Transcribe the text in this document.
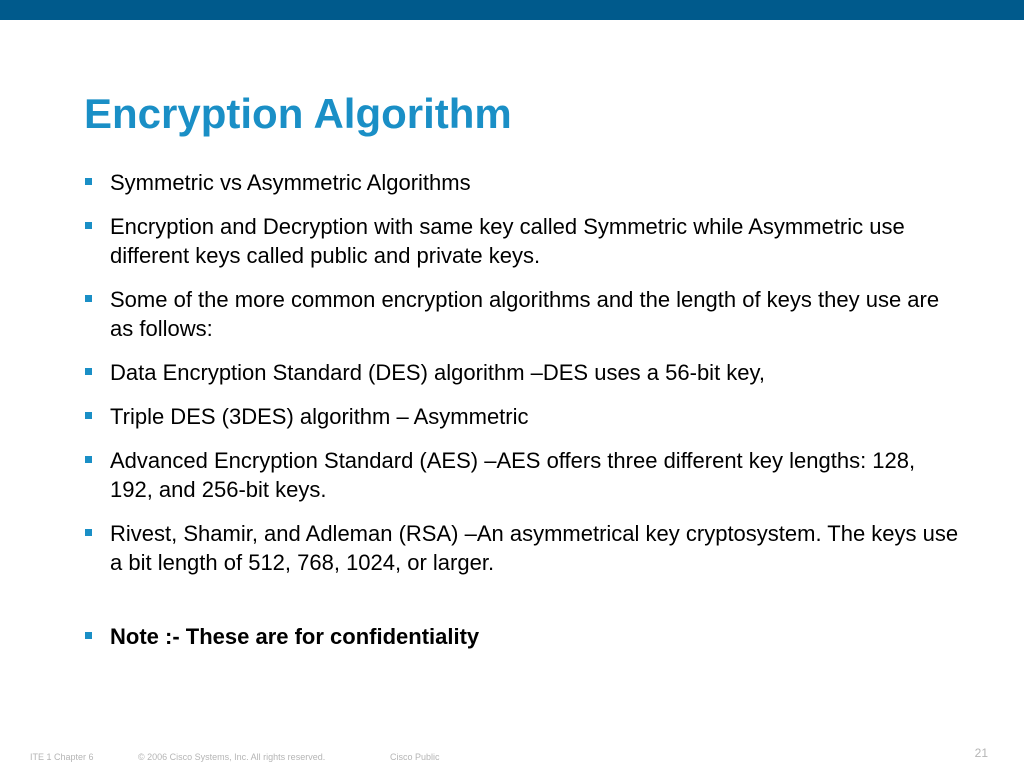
Encryption Algorithm
Symmetric vs Asymmetric Algorithms
Encryption and Decryption with same key called Symmetric while Asymmetric use different keys called public and private keys.
Some of the more common encryption algorithms and the length of keys they use are as follows:
Data Encryption Standard (DES) algorithm –DES uses a 56-bit key,
Triple DES (3DES) algorithm – Asymmetric
Advanced Encryption Standard (AES) –AES offers three different key lengths: 128, 192, and 256-bit keys.
Rivest, Shamir, and Adleman (RSA) –An asymmetrical key cryptosystem. The keys use a bit length of 512, 768, 1024, or larger.
Note :- These are for confidentiality
ITE 1 Chapter 6	© 2006 Cisco Systems, Inc. All rights reserved.	Cisco Public	21
